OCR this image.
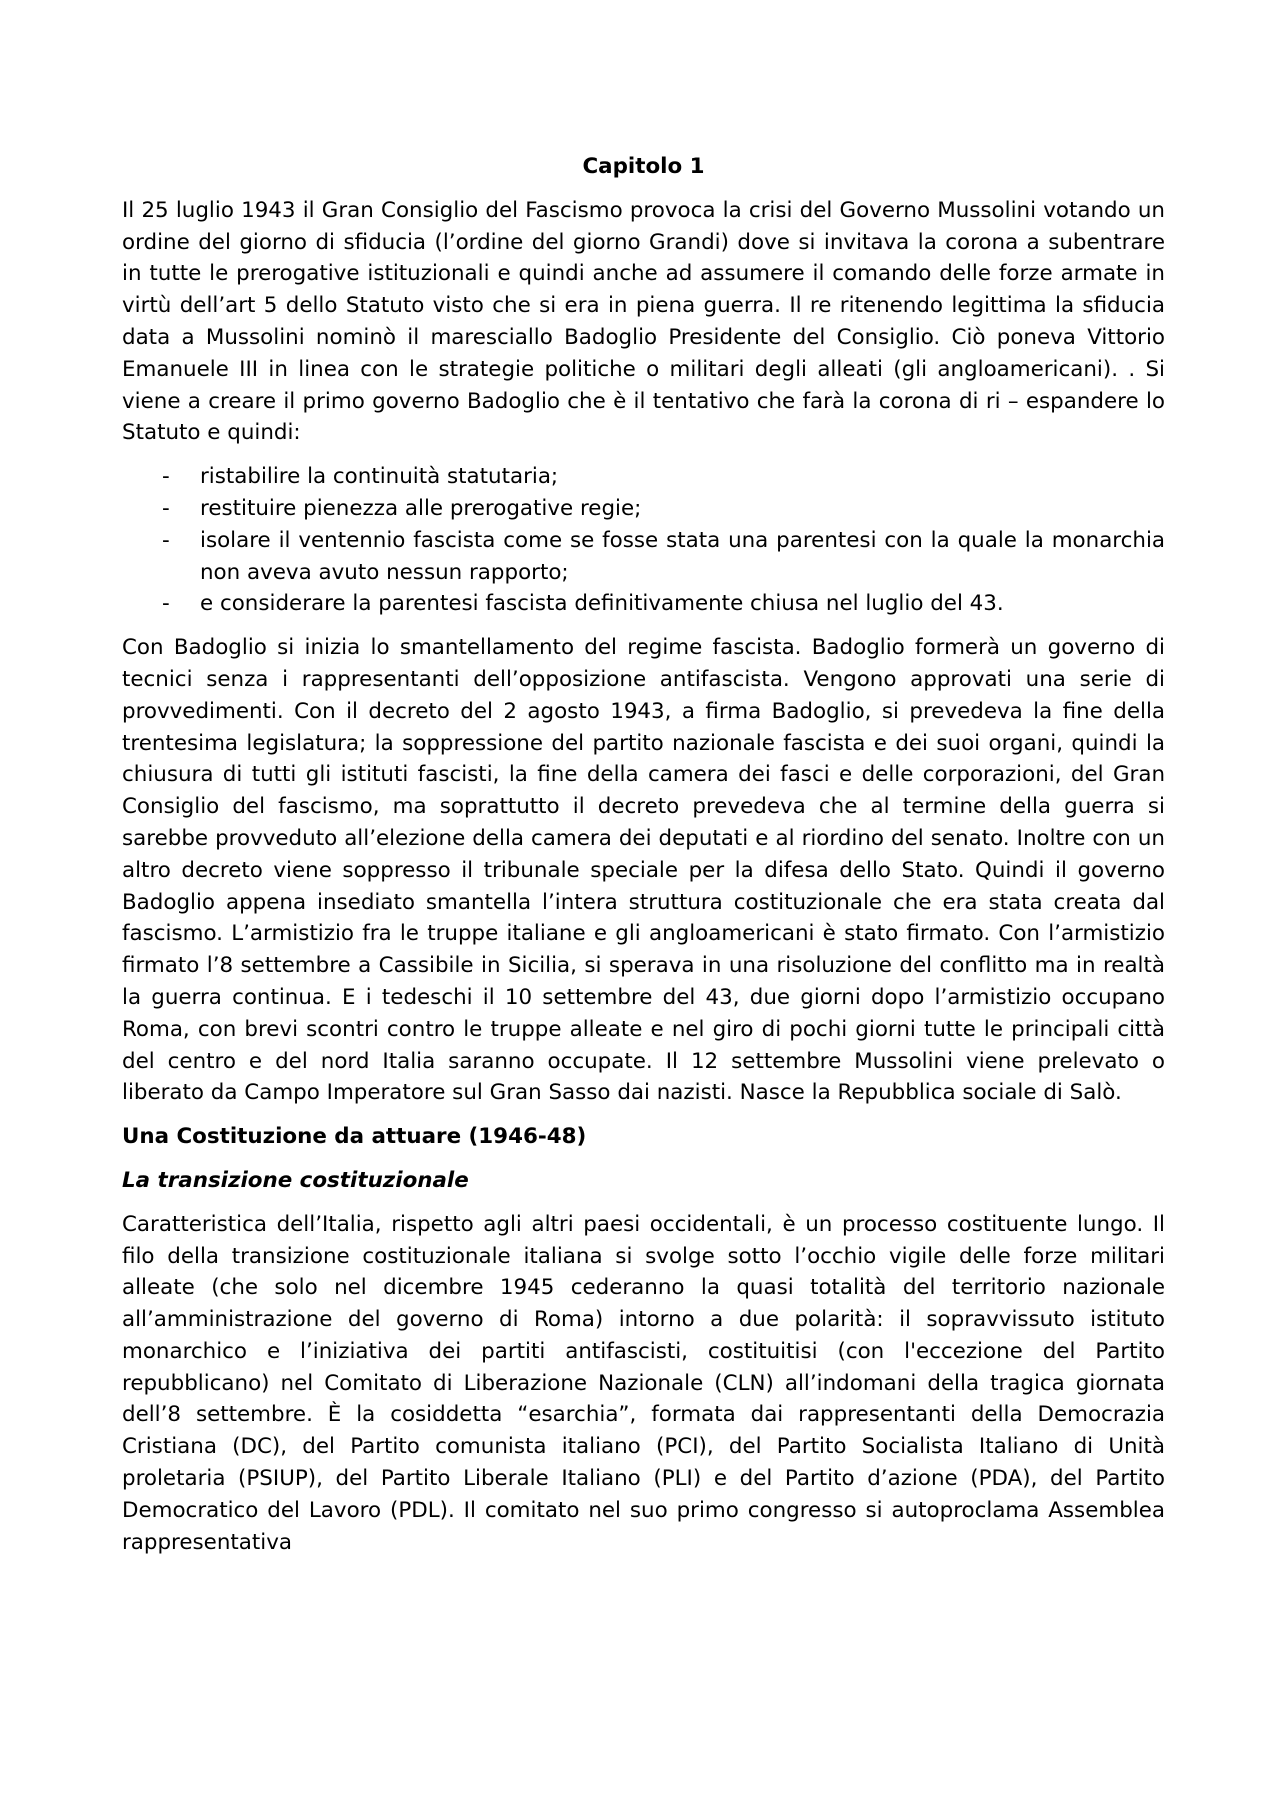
Capitolo 1

Il 25 luglio 1943 il Gran Consiglio del Fascismo provoca la crisi del Governo Mussolini votando un ordine del giorno di sfiducia (l’ordine del giorno Grandi) dove si invitava la corona a subentrare in tutte le prerogative istituzionali e quindi anche ad assumere il comando delle forze armate in virtù dell’art 5 dello Statuto visto che si era in piena guerra. Il re ritenendo legittima la sfiducia data a Mussolini nominò il maresciallo Badoglio Presidente del Consiglio. Ciò poneva Vittorio Emanuele III in linea con le strategie politiche o militari degli alleati (gli angloamericani). . Si viene a creare il primo governo Badoglio che è il tentativo che farà la corona di ri – espandere lo Statuto e quindi:

- ristabilire la continuità statutaria;
- restituire pienezza alle prerogative regie;
- isolare il ventennio fascista come se fosse stata una parentesi con la quale la monarchia non aveva avuto nessun rapporto;
- e considerare la parentesi fascista definitivamente chiusa nel luglio del 43.

Con Badoglio si inizia lo smantellamento del regime fascista. Badoglio formerà un governo di tecnici senza i rappresentanti dell’opposizione antifascista. Vengono approvati una serie di provvedimenti. Con il decreto del 2 agosto 1943, a firma Badoglio, si prevedeva la fine della trentesima legislatura; la soppressione del partito nazionale fascista e dei suoi organi, quindi la chiusura di tutti gli istituti fascisti, la fine della camera dei fasci e delle corporazioni, del Gran Consiglio del fascismo, ma soprattutto il decreto prevedeva che al termine della guerra si sarebbe provveduto all’elezione della camera dei deputati e al riordino del senato. Inoltre con un altro decreto viene soppresso il tribunale speciale per la difesa dello Stato. Quindi il governo Badoglio appena insediato smantella l’intera struttura costituzionale che era stata creata dal fascismo. L’armistizio fra le truppe italiane e gli angloamericani è stato firmato. Con l’armistizio firmato l’8 settembre a Cassibile in Sicilia, si sperava in una risoluzione del conflitto ma in realtà la guerra continua. E i tedeschi il 10 settembre del 43, due giorni dopo l’armistizio occupano Roma, con brevi scontri contro le truppe alleate e nel giro di pochi giorni tutte le principali città del centro e del nord Italia saranno occupate. Il 12 settembre Mussolini viene prelevato o liberato da Campo Imperatore sul Gran Sasso dai nazisti. Nasce la Repubblica sociale di Salò.

Una Costituzione da attuare (1946-48)
La transizione costituzionale

Caratteristica dell’Italia, rispetto agli altri paesi occidentali, è un processo costituente lungo. Il filo della transizione costituzionale italiana si svolge sotto l’occhio vigile delle forze militari alleate (che solo nel dicembre 1945 cederanno la quasi totalità del territorio nazionale all’amministrazione del governo di Roma) intorno a due polarità: il sopravvissuto istituto monarchico e l’iniziativa dei partiti antifascisti, costituitisi (con l'eccezione del Partito repubblicano) nel Comitato di Liberazione Nazionale (CLN) all’indomani della tragica giornata dell’8 settembre. È la cosiddetta “esarchia”, formata dai rappresentanti della Democrazia Cristiana (DC), del Partito comunista italiano (PCI), del Partito Socialista Italiano di Unità proletaria (PSIUP), del Partito Liberale Italiano (PLI) e del Partito d’azione (PDA), del Partito Democratico del Lavoro (PDL). Il comitato nel suo primo congresso si autoproclama Assemblea rappresentativa
